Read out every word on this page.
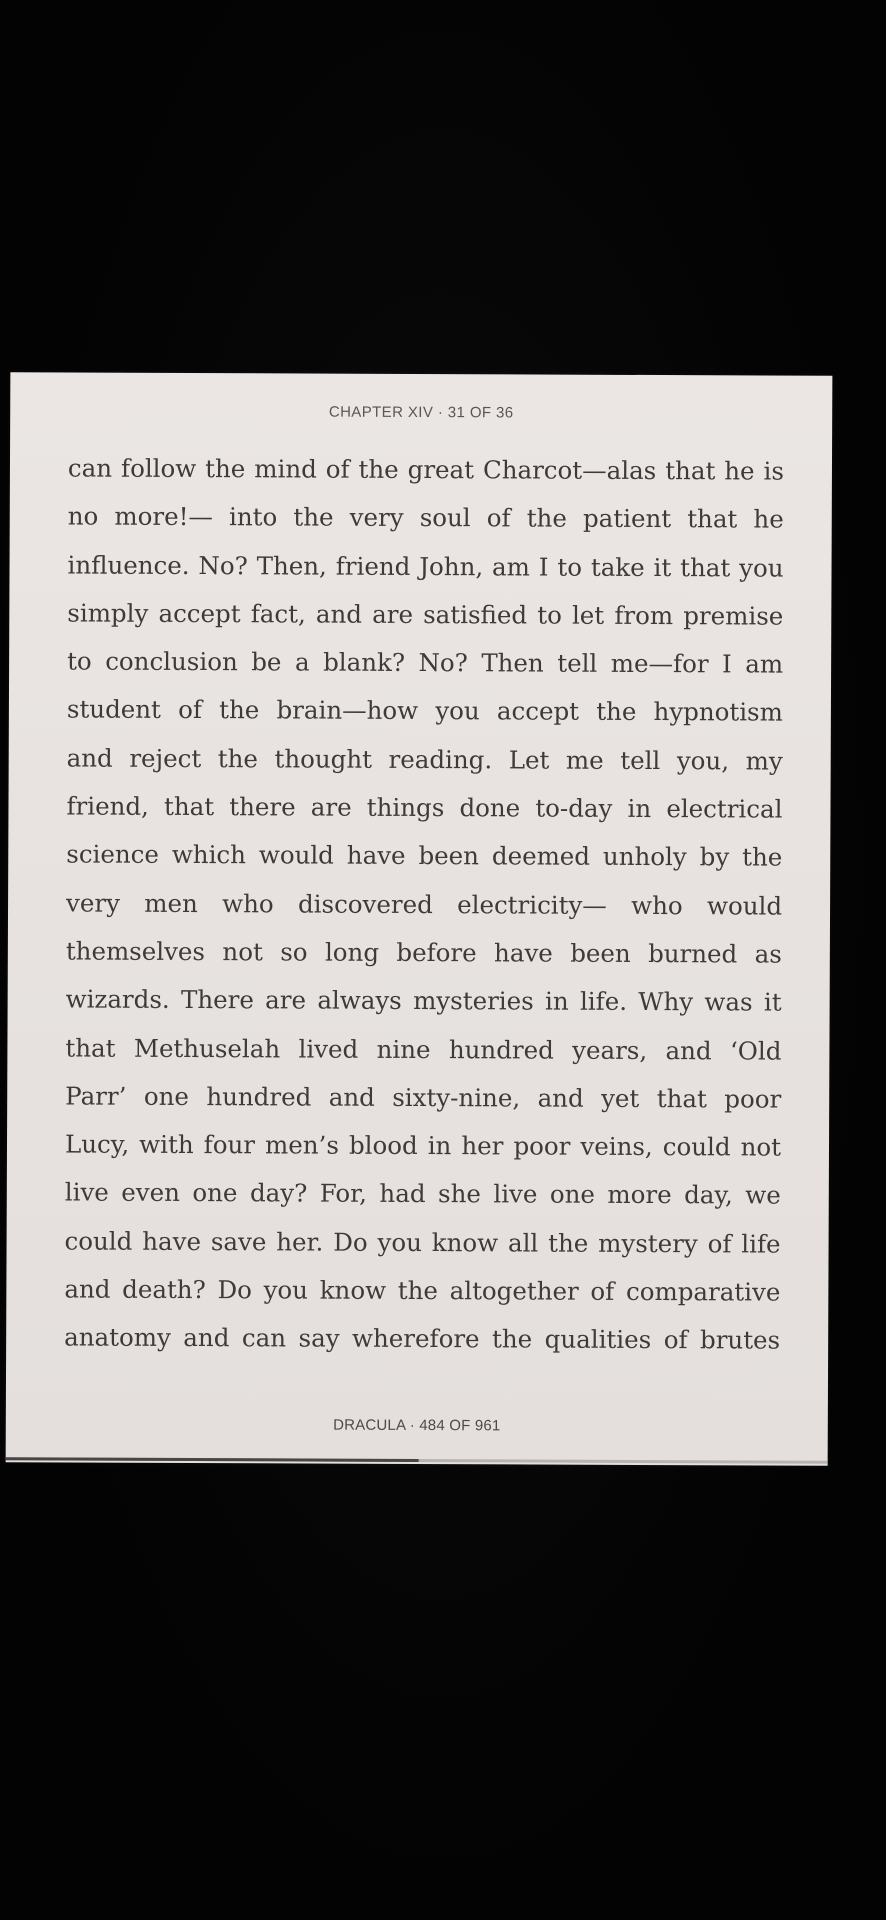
CHAPTER XIV · 31 OF 36
can follow the mind of the great Charcot—alas that he is
no more!— into the very soul of the patient that he
influence. No? Then, friend John, am I to take it that you
simply accept fact, and are satisfied to let from premise
to conclusion be a blank? No? Then tell me—for I am
student of the brain—how you accept the hypnotism
and reject the thought reading. Let me tell you, my
friend, that there are things done to-day in electrical
science which would have been deemed unholy by the
very men who discovered electricity— who would
themselves not so long before have been burned as
wizards. There are always mysteries in life. Why was it
that Methuselah lived nine hundred years, and ‘Old
Parr’ one hundred and sixty-nine, and yet that poor
Lucy, with four men’s blood in her poor veins, could not
live even one day? For, had she live one more day, we
could have save her. Do you know all the mystery of life
and death? Do you know the altogether of comparative
anatomy and can say wherefore the qualities of brutes
DRACULA · 484 OF 961
